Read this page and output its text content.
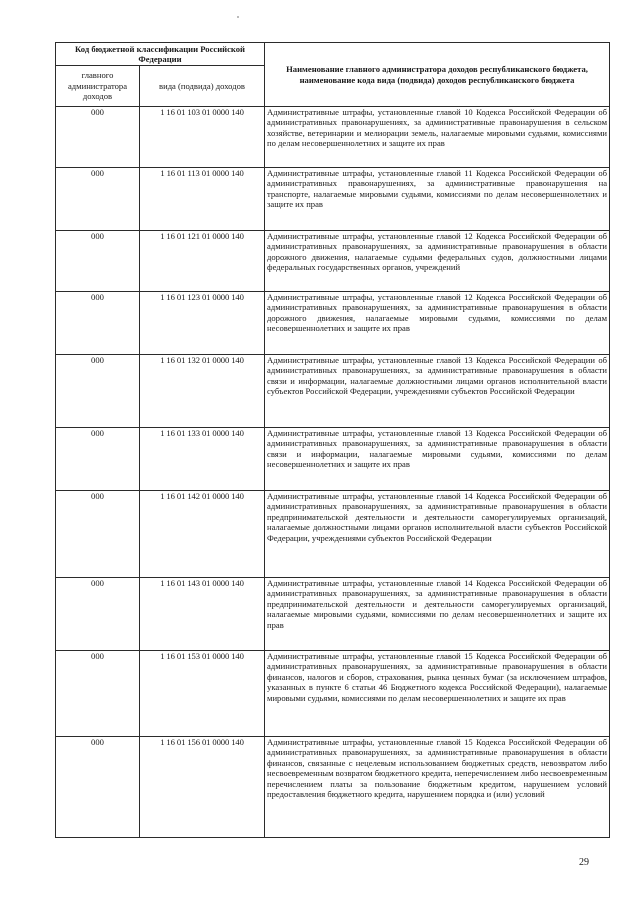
Код бюджетной классификации Российской Федерации		Наименование главного администратора доходов республиканского бюджета, наименование кода вида (подвида) доходов республиканского бюджета
главного администратора доходов	вида (подвида) доходов	
000	1 16 01 103 01 0000 140	Административные штрафы, установленные главой 10 Кодекса Российской Федерации об административных правонарушениях, за административные правонарушения в сельском хозяйстве, ветеринарии и мелиорации земель, налагаемые мировыми судьями, комиссиями по делам несовершеннолетних и защите их прав
000	1 16 01 113 01 0000 140	Административные штрафы, установленные главой 11 Кодекса Российской Федерации об административных правонарушениях, за административные правонарушения на транспорте, налагаемые мировыми судьями, комиссиями по делам несовершеннолетних и защите их прав
000	1 16 01 121 01 0000 140	Административные штрафы, установленные главой 12 Кодекса Российской Федерации об административных правонарушениях, за административные правонарушения в области дорожного движения, налагаемые судьями федеральных судов, должностными лицами федеральных государственных органов, учреждений
000	1 16 01 123 01 0000 140	Административные штрафы, установленные главой 12 Кодекса Российской Федерации об административных правонарушениях, за административные правонарушения в области дорожного движения, налагаемые мировыми судьями, комиссиями по делам несовершеннолетних и защите их прав
000	1 16 01 132 01 0000 140	Административные штрафы, установленные главой 13 Кодекса Российской Федерации об административных правонарушениях, за административные правонарушения в области связи и информации, налагаемые должностными лицами органов исполнительной власти субъектов Российской Федерации, учреждениями субъектов Российской Федерации
000	1 16 01 133 01 0000 140	Административные штрафы, установленные главой 13 Кодекса Российской Федерации об административных правонарушениях, за административные правонарушения в области связи и информации, налагаемые мировыми судьями, комиссиями по делам несовершеннолетних и защите их прав
000	1 16 01 142 01 0000 140	Административные штрафы, установленные главой 14 Кодекса Российской Федерации об административных правонарушениях, за административные правонарушения в области предпринимательской деятельности и деятельности саморегулируемых организаций, налагаемые должностными лицами органов исполнительной власти субъектов Российской Федерации, учреждениями субъектов Российской Федерации
000	1 16 01 143 01 0000 140	Административные штрафы, установленные главой 14 Кодекса Российской Федерации об административных правонарушениях, за административные правонарушения в области предпринимательской деятельности и деятельности саморегулируемых организаций, налагаемые мировыми судьями, комиссиями по делам несовершеннолетних и защите их прав
000	1 16 01 153 01 0000 140	Административные штрафы, установленные главой 15 Кодекса Российской Федерации об административных правонарушениях, за административные правонарушения в области финансов, налогов и сборов, страхования, рынка ценных бумаг (за исключением штрафов, указанных в пункте 6 статьи 46 Бюджетного кодекса Российской Федерации), налагаемые мировыми судьями, комиссиями по делам несовершеннолетних и защите их прав
000	1 16 01 156 01 0000 140	Административные штрафы, установленные главой 15 Кодекса Российской Федерации об административных правонарушениях, за административные правонарушения в области финансов, связанные с нецелевым использованием бюджетных средств, невозвратом либо несвоевременным возвратом бюджетного кредита, неперечислением либо несвоевременным перечислением платы за пользование бюджетным кредитом, нарушением условий предоставления бюджетного кредита, нарушением порядка и (или) условий
29
